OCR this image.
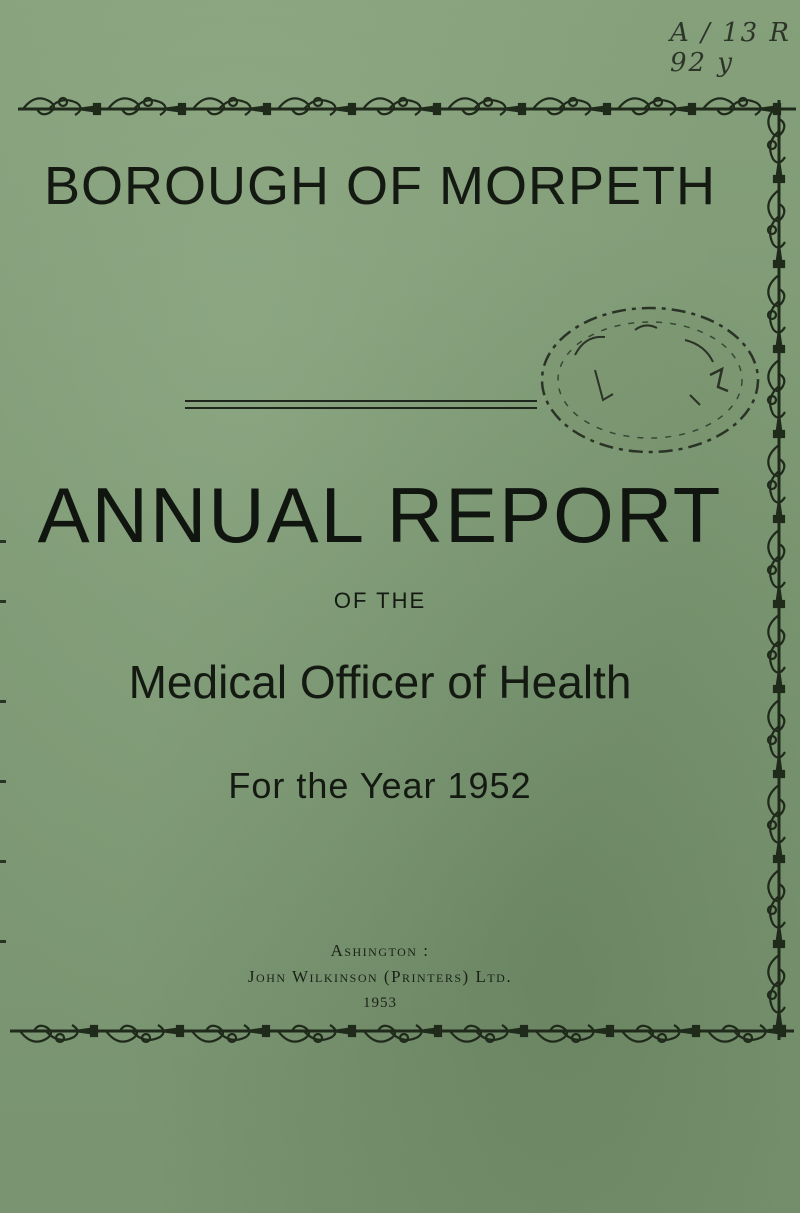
A / 13 R 92 y
BOROUGH OF MORPETH
ANNUAL REPORT
OF THE
Medical Officer of Health
For the Year 1952
Ashington :
John Wilkinson (Printers) Ltd.
1953
